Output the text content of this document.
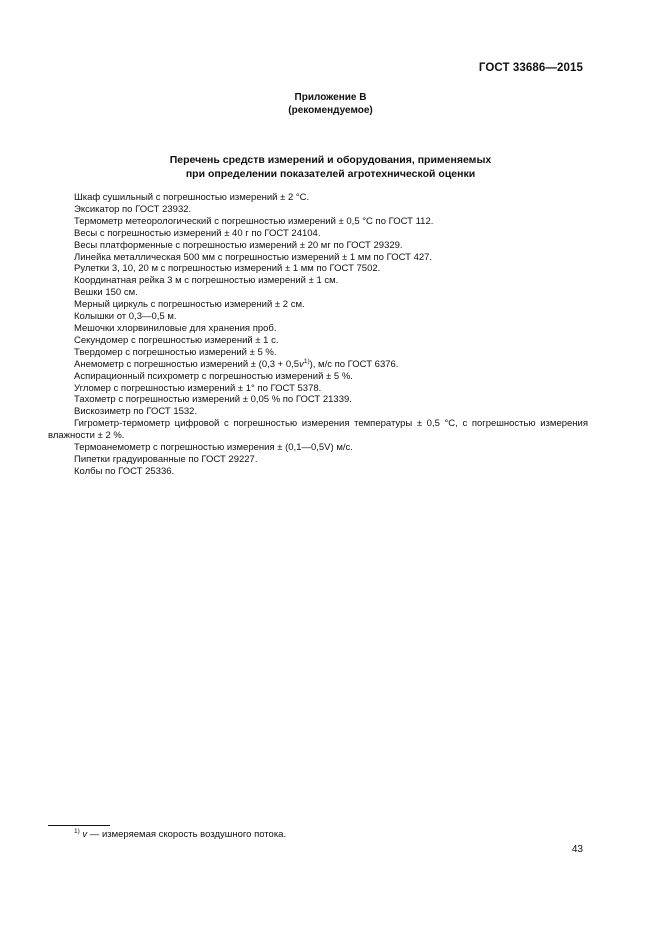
ГОСТ 33686—2015
Приложение В
(рекомендуемое)
Перечень средств измерений и оборудования, применяемых
при определении показателей агротехнической оценки
Шкаф сушильный с погрешностью измерений ± 2 °С.
Эксикатор по ГОСТ 23932.
Термометр метеорологический с погрешностью измерений ± 0,5 °С по ГОСТ 112.
Весы с погрешностью измерений ± 40 г по ГОСТ 24104.
Весы платформенные с погрешностью измерений ± 20 мг по ГОСТ 29329.
Линейка металлическая 500 мм с погрешностью измерений ± 1 мм по ГОСТ 427.
Рулетки 3, 10, 20 м с погрешностью измерений ± 1 мм по ГОСТ 7502.
Координатная рейка 3 м с погрешностью измерений ± 1 см.
Вешки 150 см.
Мерный циркуль с погрешностью измерений ± 2 см.
Колышки от 0,3—0,5 м.
Мешочки хлорвиниловые для хранения проб.
Секундомер с погрешностью измерений ± 1 с.
Твердомер с погрешностью измерений ± 5 %.
Анемометр с погрешностью измерений ± $(0,3 + 0,5v^{1)})$, м/с по ГОСТ 6376.
Аспирационный психрометр с погрешностью измерений ± 5 %.
Угломер с погрешностью измерений ± 1° по ГОСТ 5378.
Тахометр с погрешностью измерений ± 0,05 % по ГОСТ 21339.
Вискозиметр по ГОСТ 1532.
Гигрометр-термометр цифровой с погрешностью измерения температуры ± 0,5 °С, с погрешностью измерения влажности ± 2 %.
Термоанемометр с погрешностью измерения ± (0,1—0,5V) м/с.
Пипетки градуированные по ГОСТ 29227.
Колбы по ГОСТ 25336.
$^{1)}$ v — измеряемая скорость воздушного потока.
43
